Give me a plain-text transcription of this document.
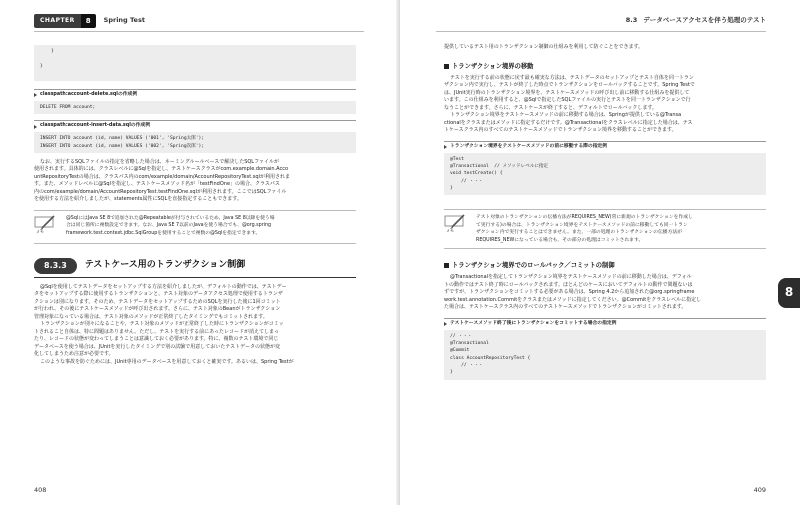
CHAPTER	8	Spring Test
}

}
classpath:account-delete.sqlの作成例
DELETE FROM account;
classpath:account-insert-data.sqlの作成例
INSERT INTO account (id, name) VALUES ('001', 'Spring太郎');
INSERT INTO account (id, name) VALUES ('002', 'Spring次郎');

なお、実行するSQLファイルの指定を省略した場合は、ネーミングルールベースで解決したSQLファイルが

使用されます。具体的には、クラスレベルに@Sqlを指定し、テストケースクラスがcom.example.domain.Acco

untRepositoryTestの場合は、クラスパス内のcom/example/domain/AccountRepositoryTest.sqlが利用されま

す。また、メソッドレベルに@Sqlを指定し、テストケースメソッド名が「testFindOne」の場合、クラスパス

内のcom/example/domain/AccountRepositoryTest.testFindOne.sqlが利用されます。ここではSQLファイル

を使用する方法を紹介しましたが、statements属性にSQLを直接指定することもできます。

メモ
@SqlにはJava SE 8で追加された@Repeatableが付与されているため、Java SE 8以降を使う場
合は同じ箇所に複数設定できます。なお、Java SE 7以前のJavaを使う場合でも、@org.spring
framework.test.context.jdbc.SqlGroupを使用することで複数の@Sqlを指定できます。
8.3.3	テストケース用のトランザクション制御

@Sqlを使用してテストデータをセットアップする方法を紹介しましたが、デフォルトの動作では、テストデー

タをセットアップする際に使用するトランザクションと、テスト対象のデータアクセス処理で使用するトランザ

クションは別になります。そのため、テストデータをセットアップするためのSQLを実行した後に1回コミット

が行われ、その後にテストケースメソッドが呼び出されます。さらに、テスト対象のBeanがトランザクション

管理対象になっている場合は、テスト対象のメソッドが正常終了したタイミングでもコミットされます。

トランザクションが別々になることや、テスト対象のメソッドが正常終了した時にトランザクションがコミッ

トされること自体は、特に問題はありません。ただし、テストを実行する前にあったレコードが消えてしまっ

たり、レコードの状態が変わってしまうことは意識しておく必要があります。特に、複数のテスト環境で同じ

データベースを使う場合は、JUnitを実行したタイミングで別の試験で用意しておいたテストデータの状態が変

化してしまうため注意が必要です。

このような事故を防ぐためには、JUnit専用のデータベースを用意しておくと確実です。あるいは、Spring Testが

408
8.3 データベースアクセスを伴う処理のテスト

提供しているテスト用のトランザクション制御の仕組みを利用して防ぐことをできます。

トランザクション境界の移動

テストを実行する前の状態に戻す最も確実な方法は、テストデータのセットアップとテスト自体を同一トラン

ザクション内で実行し、テストが終了した時点でトランザクションをロールバックすることです。Spring Testで

は、JUnit実行時のトランザクション境界を、テストケースメソッドの呼び出し前に移動する仕組みを提供して

います。この仕組みを利用すると、@Sqlで指定したSQLファイルの実行とテストを同一トランザクションで行

なうことができます。さらに、テストケースが終了すると、デフォルトでロールバックします。

トランザクション境界をテストケースメソッドの前に移動する場合は、Springが提供している@Transa

ctionalをクラスまたはメソッドに指定するだけです。@Transactionalをクラスレベルに指定した場合は、テス

トケースクラス内のすべてのテストケースメソッドでトランザクション境界を移動することができます。

トランザクション境界をテストケースメソッドの前に移動する際の指定例
@Test
@Transactional  // メソッドレベルに指定
void testCreate() {
// ・・・
}
メモ
テスト対象のトランザクションの伝播方法がREQUIRES_NEW(常に新規のトランザクションを作成し
て実行する)の場合は、トランザクション境界をテストケースメソッドの前に移動しても同一トラン
ザクション内で実行することはできません。また、一部の処理のトランザクションの伝播方法が
REQUIRES_NEWになっている場合も、その部分の処理はコミットされます。
トランザクション境界でのロールバック／コミットの制御

@Transactionalを指定してトランザクション境界をテストケースメソッドの前に移動した場合は、デフォル

トの動作ではテスト終了時にロールバックされます。ほとんどのケースにおいてデフォルトの動作で問題ないは

ずですが、トランザクションをコミットする必要がある場合は、Spring 4.2から追加された@org.springframe

work.test.annotation.Commitをクラスまたはメソッドに指定してください。@Commitをクラスレベルに指定し

た場合は、テストケースクラス内のすべてのテストケースメソッドでトランザクションがコミットされます。

テストケースメソッド終了後にトランザクションをコミットする場合の指定例
// ・・・
@Transactional
@Commit
class AccountRepositoryTest {
// ・・・
}
8
409
